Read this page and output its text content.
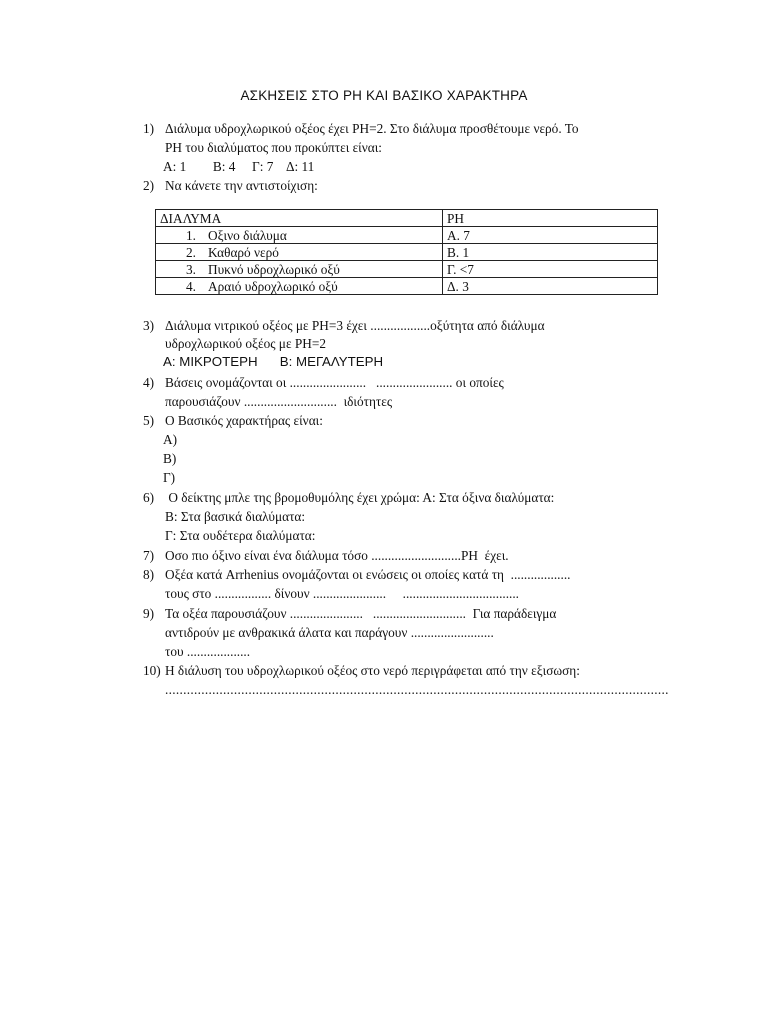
ΑΣΚΗΣΕΙΣ ΣΤΟ PH ΚΑΙ ΒΑΣΙΚΟ ΧΑΡΑΚΤΗΡΑ
1) Διάλυμα υδροχλωρικού οξέος έχει PH=2. Στο διάλυμα προσθέτουμε νερό. Το
PH του διαλύματος που προκύπτει είναι:
Α: 1        Β: 4     Γ: 7    Δ: 11
2) Να κάνετε την αντιστοίχιση:
ΔΙΑΛΥΜΑ	PH
1. Οξινο διάλυμα	Α. 7
2. Καθαρό νερό	Β. 1
3. Πυκνό υδροχλωρικό οξύ	Γ. <7
4. Αραιό υδροχλωρικό οξύ	Δ. 3
3) Διάλυμα νιτρικού οξέος με PH=3 έχει ..................οξύτητα από διάλυμα
υδροχλωρικού οξέος με PH=2
Α: ΜΙΚΡΟΤΕΡΗ      Β: ΜΕΓΑΛΥΤΕΡΗ
4) Βάσεις ονομάζονται οι .......................   ....................... οι οποίες
παρουσιάζουν ............................  ιδιότητες
5) Ο Βασικός χαρακτήρας είναι:
Α)
Β)
Γ)
6) Ο δείκτης μπλε της βρομοθυμόλης έχει χρώμα: Α: Στα όξινα διαλύματα:
Β: Στα βασικά διαλύματα:
Γ: Στα ουδέτερα διαλύματα:
7) Οσο πιο όξινο είναι ένα διάλυμα τόσο ...........................PH  έχει.
8) Οξέα κατά Arrhenius ονομάζονται οι ενώσεις οι οποίες κατά τη  ..................
τους στο ................. δίνουν ......................     ...................................
9) Τα οξέα παρουσιάζουν ......................   ............................  Για παράδειγμα
αντιδρούν με ανθρακικά άλατα και παράγουν .........................
του ...................
10) Η διάλυση του υδροχλωρικού οξέος στο νερό περιγράφεται από την εξισωση:
...........................................................................................................................................
